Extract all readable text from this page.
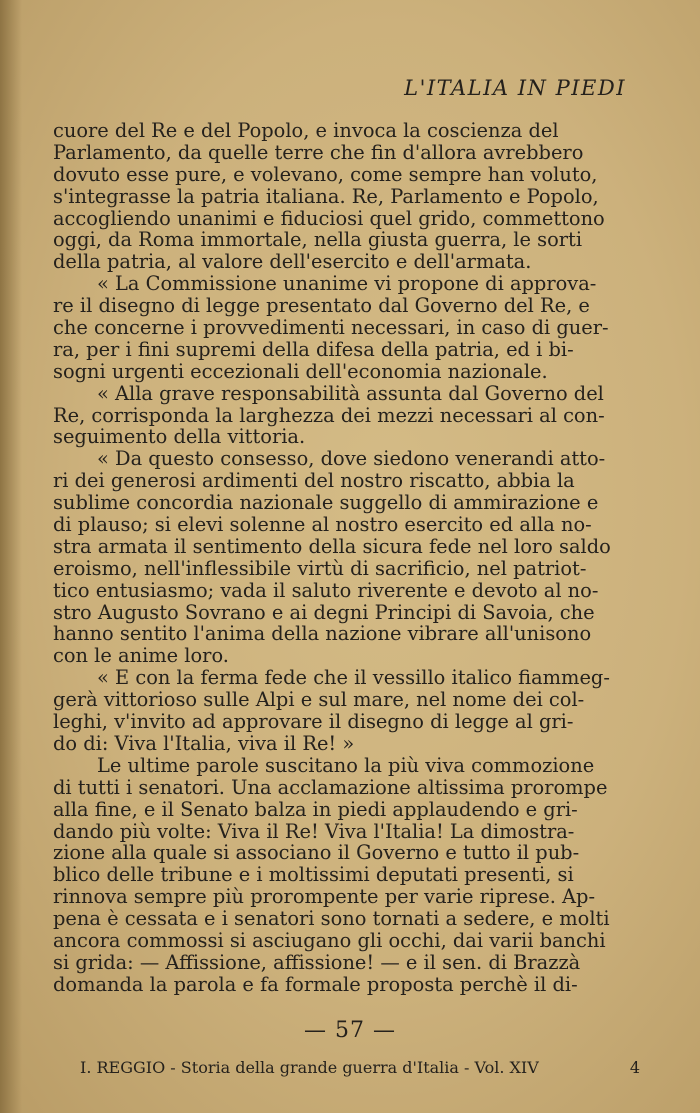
L'ITALIA IN PIEDI
cuore del Re e del Popolo, e invoca la coscienza del
Parlamento, da quelle terre che fin d'allora avrebbero
dovuto esse pure, e volevano, come sempre han voluto,
s'integrasse la patria italiana. Re, Parlamento e Popolo,
accogliendo unanimi e fiduciosi quel grido, commettono
oggi, da Roma immortale, nella giusta guerra, le sorti
della patria, al valore dell'esercito e dell'armata.
« La Commissione unanime vi propone di approva-
re il disegno di legge presentato dal Governo del Re, e
che concerne i provvedimenti necessari, in caso di guer-
ra, per i fini supremi della difesa della patria, ed i bi-
sogni urgenti eccezionali dell'economia nazionale.
« Alla grave responsabilità assunta dal Governo del
Re, corrisponda la larghezza dei mezzi necessari al con-
seguimento della vittoria.
« Da questo consesso, dove siedono venerandi atto-
ri dei generosi ardimenti del nostro riscatto, abbia la
sublime concordia nazionale suggello di ammirazione e
di plauso; si elevi solenne al nostro esercito ed alla no-
stra armata il sentimento della sicura fede nel loro saldo
eroismo, nell'inflessibile virtù di sacrificio, nel patriot-
tico entusiasmo; vada il saluto riverente e devoto al no-
stro Augusto Sovrano e ai degni Principi di Savoia, che
hanno sentito l'anima della nazione vibrare all'unisono
con le anime loro.
« E con la ferma fede che il vessillo italico fiammeg-
gerà vittorioso sulle Alpi e sul mare, nel nome dei col-
leghi, v'invito ad approvare il disegno di legge al gri-
do di: Viva l'Italia, viva il Re! »
Le ultime parole suscitano la più viva commozione
di tutti i senatori. Una acclamazione altissima prorompe
alla fine, e il Senato balza in piedi applaudendo e gri-
dando più volte: Viva il Re! Viva l'Italia! La dimostra-
zione alla quale si associano il Governo e tutto il pub-
blico delle tribune e i moltissimi deputati presenti, si
rinnova sempre più prorompente per varie riprese. Ap-
pena è cessata e i senatori sono tornati a sedere, e molti
ancora commossi si asciugano gli occhi, dai varii banchi
si grida: — Affissione, affissione! — e il sen. di Brazzà
domanda la parola e fa formale proposta perchè il di-
— 57 —
I. REGGIO - Storia della grande guerra d'Italia - Vol. XIV	4
